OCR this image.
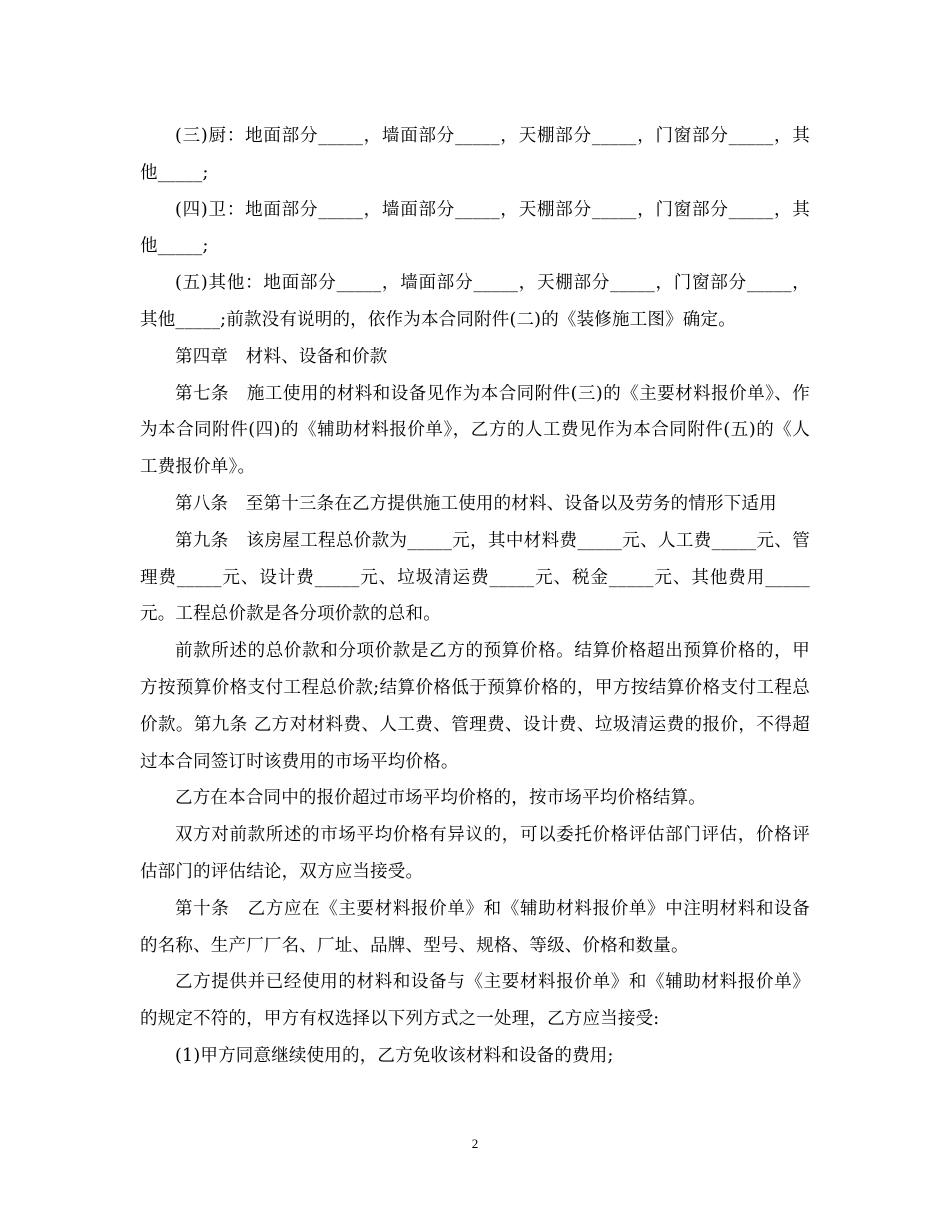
(三)厨：地面部分_____，墙面部分_____，天棚部分_____，门窗部分_____，其他_____;

(四)卫：地面部分_____，墙面部分_____，天棚部分_____，门窗部分_____，其他_____;

(五)其他：地面部分_____，墙面部分_____，天棚部分_____，门窗部分_____，其他_____;前款没有说明的，依作为本合同附件(二)的《装修施工图》确定。

第四章　材料、设备和价款

第七条　施工使用的材料和设备见作为本合同附件(三)的《主要材料报价单》、作为本合同附件(四)的《辅助材料报价单》，乙方的人工费见作为本合同附件(五)的《人工费报价单》。

第八条　至第十三条在乙方提供施工使用的材料、设备以及劳务的情形下适用

第九条　该房屋工程总价款为_____元，其中材料费_____元、人工费_____元、管理费_____元、设计费_____元、垃圾清运费_____元、税金_____元、其他费用_____元。工程总价款是各分项价款的总和。

前款所述的总价款和分项价款是乙方的预算价格。结算价格超出预算价格的，甲方按预算价格支付工程总价款;结算价格低于预算价格的，甲方按结算价格支付工程总价款。第九条 乙方对材料费、人工费、管理费、设计费、垃圾清运费的报价，不得超过本合同签订时该费用的市场平均价格。

乙方在本合同中的报价超过市场平均价格的，按市场平均价格结算。

双方对前款所述的市场平均价格有异议的，可以委托价格评估部门评估，价格评估部门的评估结论，双方应当接受。

第十条　乙方应在《主要材料报价单》和《辅助材料报价单》中注明材料和设备的名称、生产厂厂名、厂址、品牌、型号、规格、等级、价格和数量。

乙方提供并已经使用的材料和设备与《主要材料报价单》和《辅助材料报价单》的规定不符的，甲方有权选择以下列方式之一处理，乙方应当接受:

(1)甲方同意继续使用的，乙方免收该材料和设备的费用;

2
